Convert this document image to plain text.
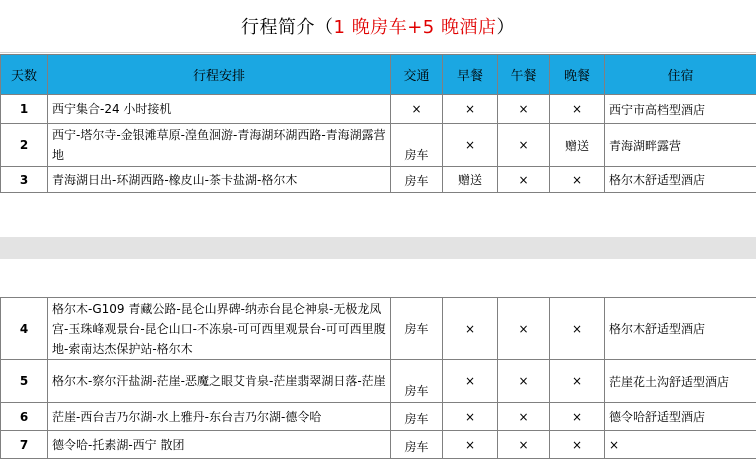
行程简介（ 1 晚房车+5 晚酒店 ）
天数	行程安排	交通	早餐	午餐	晚餐	住宿
1	西宁集合-24 小时接机	×	×	×	×	西宁市高档型酒店
2	西宁-塔尔寺-金银滩草原-湟鱼洄游-青海湖环湖西路-青海湖露营地	房车	×	×	赠送	青海湖畔露营
3	青海湖日出-环湖西路-橡皮山-茶卡盐湖-格尔木	房车	赠送	×	×	格尔木舒适型酒店
4	格尔木-G109 青藏公路-昆仑山界碑-纳赤台昆仑神泉-无极龙凤宫-玉珠峰观景台-昆仑山口-不冻泉-可可西里观景台-可可西里腹地-索南达杰保护站-格尔木	房车	×	×	×	格尔木舒适型酒店
5	格尔木-察尔汗盐湖-茫崖-恶魔之眼艾肯泉-茫崖翡翠湖日落-茫崖	房车	×	×	×	茫崖花土沟舒适型酒店
6	茫崖-西台吉乃尔湖-水上雅丹-东台吉乃尔湖-德令哈	房车	×	×	×	德令哈舒适型酒店
7	德令哈-托素湖-西宁 散团	房车	×	×	×	×
